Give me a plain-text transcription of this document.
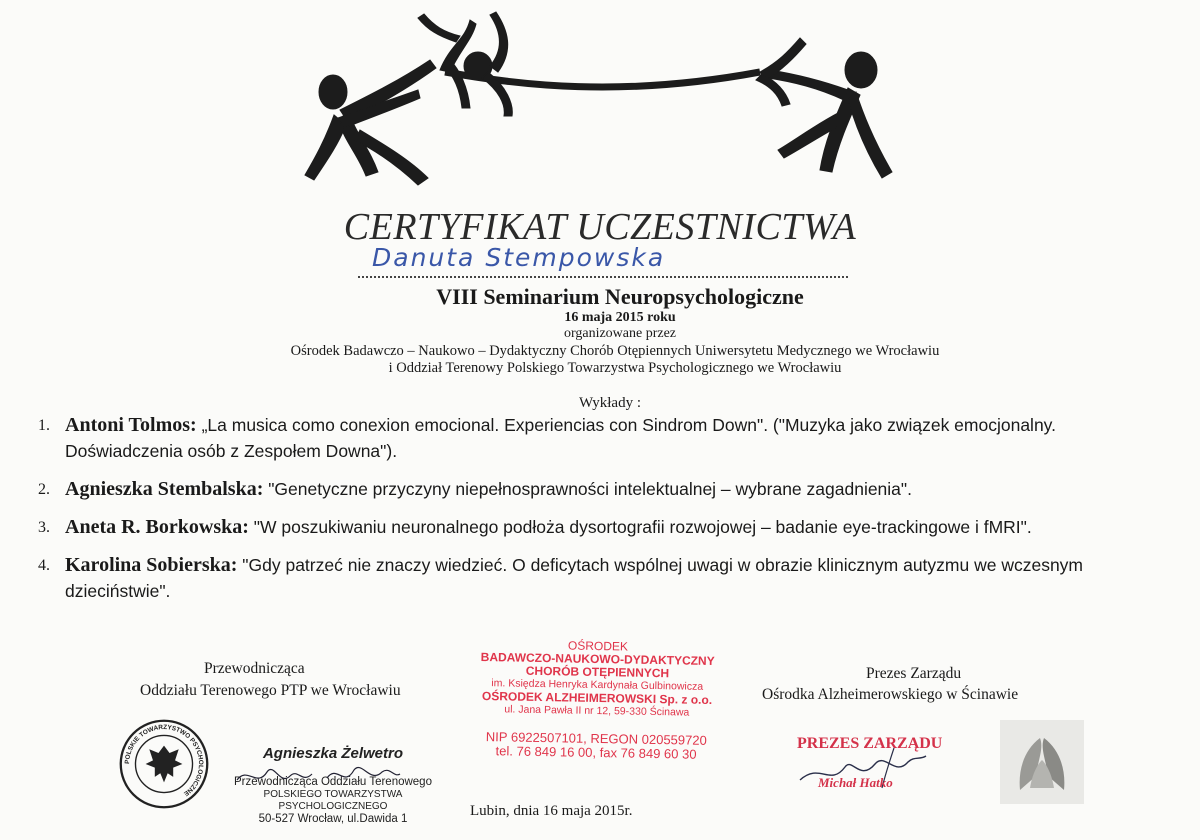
CERTYFIKAT UCZESTNICTWA
Danuta Stempowska
VIII Seminarium Neuropsychologiczne
16 maja 2015 roku
organizowane przez
Ośrodek Badawczo – Naukowo – Dydaktyczny Chorób Otępiennych Uniwersytetu Medycznego we Wrocławiu
i Oddział Terenowy Polskiego Towarzystwa Psychologicznego we Wrocławiu
Wykłady :
1. Antoni Tolmos: „La musica como conexion emocional. Experiencias con Sindrom Down". ("Muzyka jako związek emocjonalny. Doświadczenia osób z Zespołem Downa").
2. Agnieszka Stembalska: "Genetyczne przyczyny niepełnosprawności intelektualnej – wybrane zagadnienia".
3. Aneta R. Borkowska: "W poszukiwaniu neuronalnego podłoża dysortografii rozwojowej – badanie eye-trackingowe i fMRI".
4. Karolina Sobierska: "Gdy patrzeć nie znaczy wiedzieć. O deficytach wspólnej uwagi w obrazie klinicznym autyzmu we wczesnym dzieciństwie".
Przewodnicząca
Oddziału Terenowego PTP we Wrocławiu
OŚRODEK
BADAWCZO-NAUKOWO-DYDAKTYCZNY CHORÓB OTĘPIENNYCH
im. Księdza Henryka Kardynała Gulbinowicza
OŚRODEK ALZHEIMEROWSKI Sp. z o.o.
ul. Jana Pawła II nr 12, 59-330 Ścinawa
NIP 6922507101, REGON 020559720
tel. 76 849 16 00, fax 76 849 60 30
Prezes Zarządu
Ośrodka Alzheimerowskiego w Ścinawie
POLSKIE TOWARZYSTWO PSYCHOLOGICZNE
Agnieszka Żelwetro
Przewodnicząca Oddziału Terenowego
POLSKIEGO TOWARZYSTWA PSYCHOLOGICZNEGO
50-527 Wrocław, ul.Dawida 1
PREZES ZARZĄDU
Michał Hatko
Lubin, dnia 16 maja 2015r.
